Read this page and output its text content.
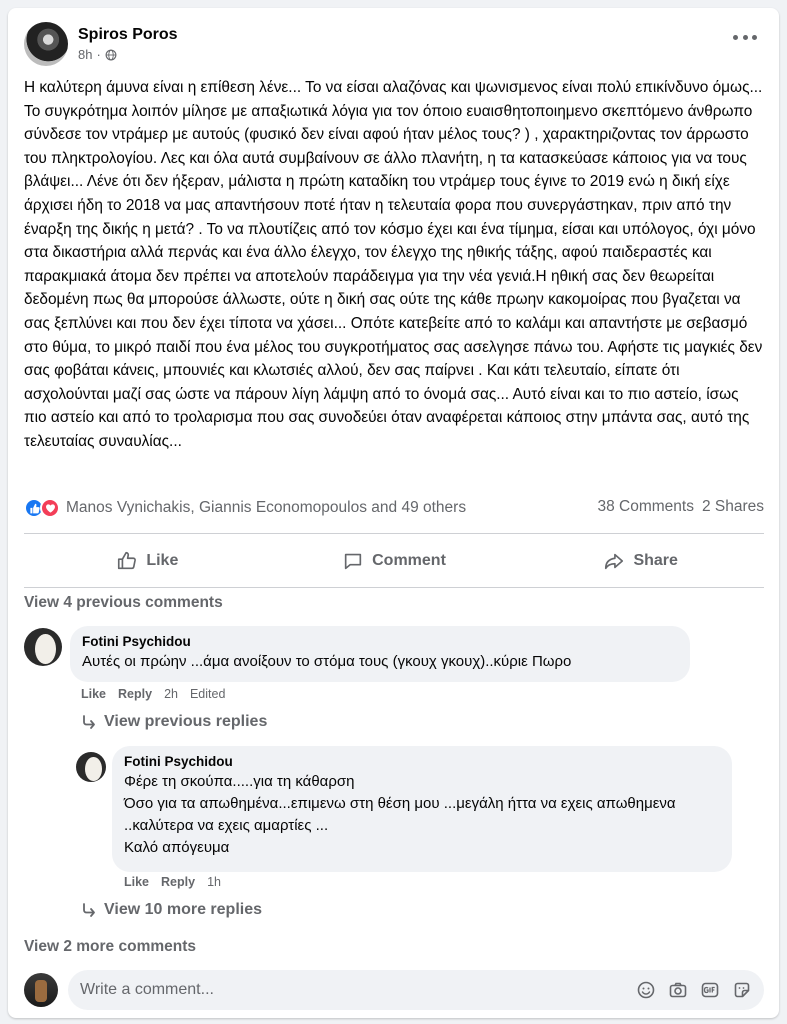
Spiros Poros
8h ·
Η καλύτερη άμυνα είναι η επίθεση λένε... Το να είσαι αλαζόνας και ψωνισμενος είναι πολύ επικίνδυνο όμως... Το συγκρότημα λοιπόν μίλησε με απαξιωτικά λόγια για τον όποιο ευαισθητοποιημενο σκεπτόμενο άνθρωπο σύνδεσε τον ντράμερ με αυτούς (φυσικό δεν είναι αφού ήταν μέλος τους? ) , χαρακτηριζοντας τον άρρωστο του πληκτρολογίου. Λες και όλα αυτά συμβαίνουν σε άλλο πλανήτη, η τα κατασκεύασε κάποιος για να τους βλάψει... Λένε ότι δεν ήξεραν, μάλιστα η πρώτη καταδίκη του ντράμερ τους έγινε το 2019 ενώ η δική είχε άρχισει ήδη το 2018 να μας απαντήσουν ποτέ ήταν η τελευταία φορα που συνεργάστηκαν, πριν από την έναρξη της δικής η μετά? . Το να πλουτίζεις από τον κόσμο έχει και ένα τίμημα, είσαι και υπόλογος, όχι μόνο στα δικαστήρια αλλά περνάς και ένα άλλο έλεγχο, τον έλεγχο της ηθικής τάξης, αφού παιδεραστές και παρακμιακά άτομα δεν πρέπει να αποτελούν παράδειγμα για την νέα γενιά.Η ηθική σας δεν θεωρείται δεδομένη πως θα μπορούσε άλλωστε, ούτε η δική σας ούτε της κάθε πρωην κακομοίρας που βγαζεται να σας ξεπλύνει και που δεν έχει τίποτα να χάσει... Οπότε κατεβείτε από το καλάμι και απαντήστε με σεβασμό στο θύμα, το μικρό παιδί που ένα μέλος του συγκροτήματος σας ασελγησε πάνω του. Αφήστε τις μαγκιές δεν σας φοβάται κάνεις, μπουνιές και κλωτσιές αλλού, δεν σας παίρνει . Και κάτι τελευταίο, είπατε ότι ασχολούνται μαζί σας ώστε να πάρουν λίγη λάμψη από το όνομά σας... Αυτό είναι και το πιο αστείο, ίσως πιο αστείο και από το τρολαρισμα που σας συνοδεύει όταν αναφέρεται κάποιος στην μπάντα σας, αυτό της τελευταίας συναυλίας...
Manos Vynichakis, Giannis Economopoulos and 49 others	38 Comments 2 Shares
Like	Comment	Share
View 4 previous comments
Fotini Psychidou
Αυτές οι πρώην ...άμα ανοίξουν το στόμα τους (γκουχ γκουχ)..κύριε Πωρο
Like Reply 2h Edited
View previous replies
Fotini Psychidou
Φέρε τη σκούπα.....για τη κάθαρση
Όσο για τα απωθημένα...επιμενω στη θέση μου ...μεγάλη ήττα να εχεις απωθημενα ..καλύτερα να εχεις αμαρτίες ...
Καλό απόγευμα
Like Reply 1h
View 10 more replies
View 2 more comments
Write a comment...
